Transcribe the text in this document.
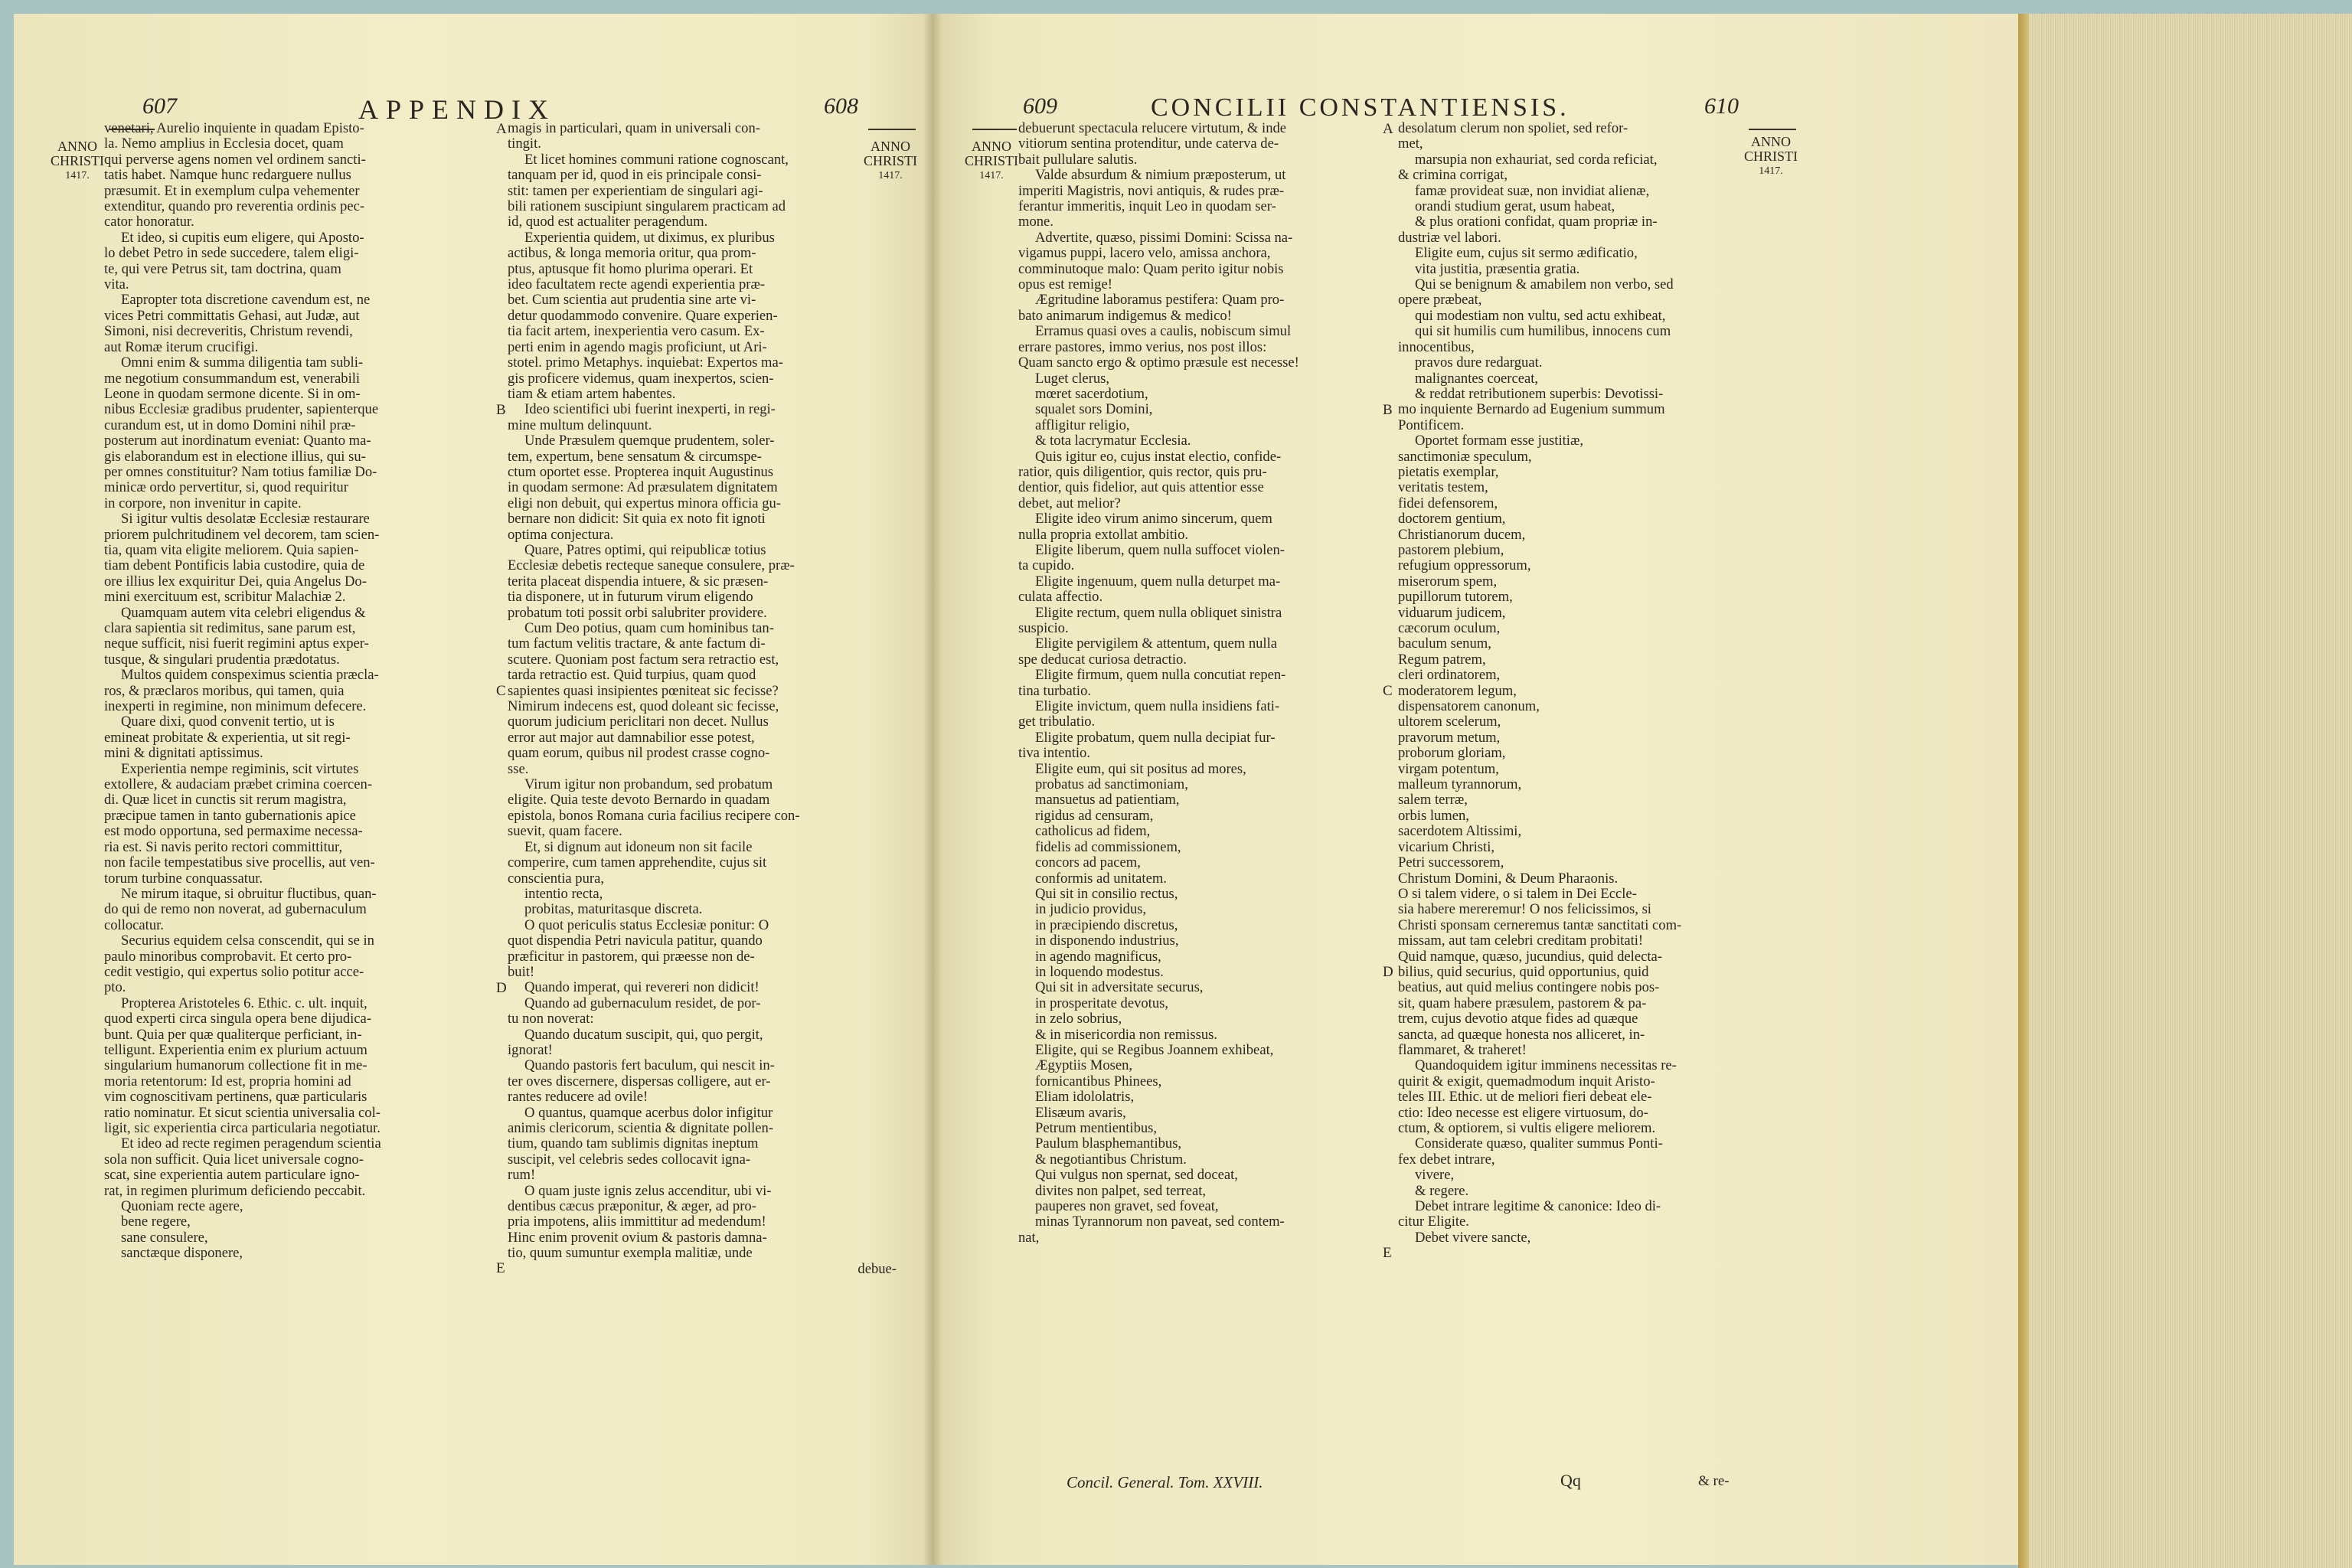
607	APPENDIX	608
ANNO
CHRISTI
1417.
ANNO
CHRISTI
1417.

venetari, Aurelio inquiente in quadam Episto-

la. Nemo amplius in Ecclesia docet, quam

qui perverse agens nomen vel ordinem sancti-

tatis habet. Namque hunc redarguere nullus

præsumit. Et in exemplum culpa vehementer

extenditur, quando pro reverentia ordinis pec-

cator honoratur.

Et ideo, si cupitis eum eligere, qui Aposto-

lo debet Petro in sede succedere, talem eligi-

te, qui vere Petrus sit, tam doctrina, quam

vita.

Eapropter tota discretione cavendum est, ne

vices Petri committatis Gehasi, aut Judæ, aut

Simoni, nisi decreveritis, Christum revendi,

aut Romæ iterum crucifigi.

Omni enim & summa diligentia tam subli-

me negotium consummandum est, venerabili

Leone in quodam sermone dicente. Si in om-

nibus Ecclesiæ gradibus prudenter, sapienterque

curandum est, ut in domo Domini nihil præ-

posterum aut inordinatum eveniat: Quanto ma-

gis elaborandum est in electione illius, qui su-

per omnes constituitur? Nam totius familiæ Do-

minicæ ordo pervertitur, si, quod requiritur

in corpore, non invenitur in capite.

Si igitur vultis desolatæ Ecclesiæ restaurare

priorem pulchritudinem vel decorem, tam scien-

tia, quam vita eligite meliorem. Quia sapien-

tiam debent Pontificis labia custodire, quia de

ore illius lex exquiritur Dei, quia Angelus Do-

mini exercituum est, scribitur Malachiæ 2.

Quamquam autem vita celebri eligendus &

clara sapientia sit redimitus, sane parum est,

neque sufficit, nisi fuerit regimini aptus exper-

tusque, & singulari prudentia prædotatus.

Multos quidem conspeximus scientia præcla-

ros, & præclaros moribus, qui tamen, quia

inexperti in regimine, non minimum defecere.

Quare dixi, quod convenit tertio, ut is

emineat probitate & experientia, ut sit regi-

mini & dignitati aptissimus.

Experientia nempe regiminis, scit virtutes

extollere, & audaciam præbet crimina coercen-

di. Quæ licet in cunctis sit rerum magistra,

præcipue tamen in tanto gubernationis apice

est modo opportuna, sed permaxime necessa-

ria est. Si navis perito rectori committitur,

non facile tempestatibus sive procellis, aut ven-

torum turbine conquassatur.

Ne mirum itaque, si obruitur fluctibus, quan-

do qui de remo non noverat, ad gubernaculum

collocatur.

Securius equidem celsa conscendit, qui se in

paulo minoribus comprobavit. Et certo pro-

cedit vestigio, qui expertus solio potitur acce-

pto.

Propterea Aristoteles 6. Ethic. c. ult. inquit,

quod experti circa singula opera bene dijudica-

bunt. Quia per quæ qualiterque perficiant, in-

telligunt. Experientia enim ex plurium actuum

singularium humanorum collectione fit in me-

moria retentorum: Id est, propria homini ad

vim cognoscitivam pertinens, quæ particularis

ratio nominatur. Et sicut scientia universalia col-

ligit, sic experientia circa particularia negotiatur.

Et ideo ad recte regimen peragendum scientia

sola non sufficit. Quia licet universale cogno-

scat, sine experientia autem particulare igno-

rat, in regimen plurimum deficiendo peccabit.

Quoniam recte agere,

bene regere,

sane consulere,

sanctæque disponere,

magis in particulari, quam in universali con-

tingit.

Et licet homines communi ratione cognoscant,

tanquam per id, quod in eis principale consi-

stit: tamen per experientiam de singulari agi-

bili rationem suscipiunt singularem practicam ad

id, quod est actualiter peragendum.

Experientia quidem, ut diximus, ex pluribus

actibus, & longa memoria oritur, qua prom-

ptus, aptusque fit homo plurima operari. Et

ideo facultatem recte agendi experientia præ-

bet. Cum scientia aut prudentia sine arte vi-

detur quodammodo convenire. Quare experien-

tia facit artem, inexperientia vero casum. Ex-

perti enim in agendo magis proficiunt, ut Ari-

stotel. primo Metaphys. inquiebat: Expertos ma-

gis proficere videmus, quam inexpertos, scien-

tiam & etiam artem habentes.

Ideo scientifici ubi fuerint inexperti, in regi-

mine multum delinquunt.

Unde Præsulem quemque prudentem, soler-

tem, expertum, bene sensatum & circumspe-

ctum oportet esse. Propterea inquit Augustinus

in quodam sermone: Ad præsulatem dignitatem

eligi non debuit, qui expertus minora officia gu-

bernare non didicit: Sit quia ex noto fit ignoti

optima conjectura.

Quare, Patres optimi, qui reipublicæ totius

Ecclesiæ debetis recteque saneque consulere, præ-

terita placeat dispendia intuere, & sic præsen-

tia disponere, ut in futurum virum eligendo

probatum toti possit orbi salubriter providere.

Cum Deo potius, quam cum hominibus tan-

tum factum velitis tractare, & ante factum di-

scutere. Quoniam post factum sera retractio est,

tarda retractio est. Quid turpius, quam quod

sapientes quasi insipientes pœniteat sic fecisse?

Nimirum indecens est, quod doleant sic fecisse,

quorum judicium periclitari non decet. Nullus

error aut major aut damnabilior esse potest,

quam eorum, quibus nil prodest crasse cogno-

sse.

Virum igitur non probandum, sed probatum

eligite. Quia teste devoto Bernardo in quadam

epistola, bonos Romana curia facilius recipere con-

suevit, quam facere.

Et, si dignum aut idoneum non sit facile

comperire, cum tamen apprehendite, cujus sit

conscientia pura,

intentio recta,

probitas, maturitasque discreta.

O quot periculis status Ecclesiæ ponitur: O

quot dispendia Petri navicula patitur, quando

præficitur in pastorem, qui præesse non de-

buit!

Quando imperat, qui revereri non didicit!

Quando ad gubernaculum residet, de por-

tu non noverat:

Quando ducatum suscipit, qui, quo pergit,

ignorat!

Quando pastoris fert baculum, qui nescit in-

ter oves discernere, dispersas colligere, aut er-

rantes reducere ad ovile!

O quantus, quamque acerbus dolor infigitur

animis clericorum, scientia & dignitate pollen-

tium, quando tam sublimis dignitas ineptum

suscipit, vel celebris sedes collocavit igna-

rum!

O quam juste ignis zelus accenditur, ubi vi-

dentibus cæcus præponitur, & æger, ad pro-

pria impotens, aliis immittitur ad medendum!

Hinc enim provenit ovium & pastoris damna-

tio, quum sumuntur exempla malitiæ, unde

debue-

A
B
C
D
E
609	CONCILII CONSTANTIENSIS.	610
ANNO
CHRISTI
1417.
ANNO
CHRISTI
1417.

debuerunt spectacula relucere virtutum, & inde

vitiorum sentina protenditur, unde caterva de-

bait pullulare salutis.

Valde absurdum & nimium præposterum, ut

imperiti Magistris, novi antiquis, & rudes præ-

ferantur immeritis, inquit Leo in quodam ser-

mone.

Advertite, quæso, pissimi Domini: Scissa na-

vigamus puppi, lacero velo, amissa anchora,

comminutoque malo: Quam perito igitur nobis

opus est remige!

Ægritudine laboramus pestifera: Quam pro-

bato animarum indigemus & medico!

Erramus quasi oves a caulis, nobiscum simul

errare pastores, immo verius, nos post illos:

Quam sancto ergo & optimo præsule est necesse!

Luget clerus,

mœret sacerdotium,

squalet sors Domini,

affligitur religio,

& tota lacrymatur Ecclesia.

Quis igitur eo, cujus instat electio, confide-

ratior, quis diligentior, quis rector, quis pru-

dentior, quis fidelior, aut quis attentior esse

debet, aut melior?

Eligite ideo virum animo sincerum, quem

nulla propria extollat ambitio.

Eligite liberum, quem nulla suffocet violen-

ta cupido.

Eligite ingenuum, quem nulla deturpet ma-

culata affectio.

Eligite rectum, quem nulla obliquet sinistra

suspicio.

Eligite pervigilem & attentum, quem nulla

spe deducat curiosa detractio.

Eligite firmum, quem nulla concutiat repen-

tina turbatio.

Eligite invictum, quem nulla insidiens fati-

get tribulatio.

Eligite probatum, quem nulla decipiat fur-

tiva intentio.

Eligite eum, qui sit positus ad mores,

probatus ad sanctimoniam,

mansuetus ad patientiam,

rigidus ad censuram,

catholicus ad fidem,

fidelis ad commissionem,

concors ad pacem,

conformis ad unitatem.

Qui sit in consilio rectus,

in judicio providus,

in præcipiendo discretus,

in disponendo industrius,

in agendo magnificus,

in loquendo modestus.

Qui sit in adversitate securus,

in prosperitate devotus,

in zelo sobrius,

& in misericordia non remissus.

Eligite, qui se Regibus Joannem exhibeat,

Ægyptiis Mosen,

fornicantibus Phinees,

Eliam idololatris,

Elisæum avaris,

Petrum mentientibus,

Paulum blasphemantibus,

& negotiantibus Christum.

Qui vulgus non spernat, sed doceat,

divites non palpet, sed terreat,

pauperes non gravet, sed foveat,

minas Tyrannorum non paveat, sed contem-

nat,

desolatum clerum non spoliet, sed refor-

met,

marsupia non exhauriat, sed corda reficiat,

& crimina corrigat,

famæ provideat suæ, non invidiat alienæ,

orandi studium gerat, usum habeat,

& plus orationi confidat, quam propriæ in-

dustriæ vel labori.

Eligite eum, cujus sit sermo ædificatio,

vita justitia, præsentia gratia.

Qui se benignum & amabilem non verbo, sed

opere præbeat,

qui modestiam non vultu, sed actu exhibeat,

qui sit humilis cum humilibus, innocens cum

innocentibus,

pravos dure redarguat.

malignantes coerceat,

& reddat retributionem superbis: Devotissi-

mo inquiente Bernardo ad Eugenium summum

Pontificem.

Oportet formam esse justitiæ,

sanctimoniæ speculum,

pietatis exemplar,

veritatis testem,

fidei defensorem,

doctorem gentium,

Christianorum ducem,

pastorem plebium,

refugium oppressorum,

miserorum spem,

pupillorum tutorem,

viduarum judicem,

cæcorum oculum,

baculum senum,

Regum patrem,

cleri ordinatorem,

moderatorem legum,

dispensatorem canonum,

ultorem scelerum,

pravorum metum,

proborum gloriam,

virgam potentum,

malleum tyrannorum,

salem terræ,

orbis lumen,

sacerdotem Altissimi,

vicarium Christi,

Petri successorem,

Christum Domini, & Deum Pharaonis.

O si talem videre, o si talem in Dei Eccle-

sia habere mereremur! O nos felicissimos, si

Christi sponsam cerneremus tantæ sanctitati com-

missam, aut tam celebri creditam probitati!

Quid namque, quæso, jucundius, quid delecta-

bilius, quid securius, quid opportunius, quid

beatius, aut quid melius contingere nobis pos-

sit, quam habere præsulem, pastorem & pa-

trem, cujus devotio atque fides ad quæque

sancta, ad quæque honesta nos alliceret, in-

flammaret, & traheret!

Quandoquidem igitur imminens necessitas re-

quirit & exigit, quemadmodum inquit Aristo-

teles III. Ethic. ut de meliori fieri debeat ele-

ctio: Ideo necesse est eligere virtuosum, do-

ctum, & optiorem, si vultis eligere meliorem.

Considerate quæso, qualiter summus Ponti-

fex debet intrare,

vivere,

& regere.

Debet intrare legitime & canonice: Ideo di-

citur Eligite.

Debet vivere sancte,

A
B
C
D
E
Concil. General. Tom. XXVIII.	Qq	& re-
